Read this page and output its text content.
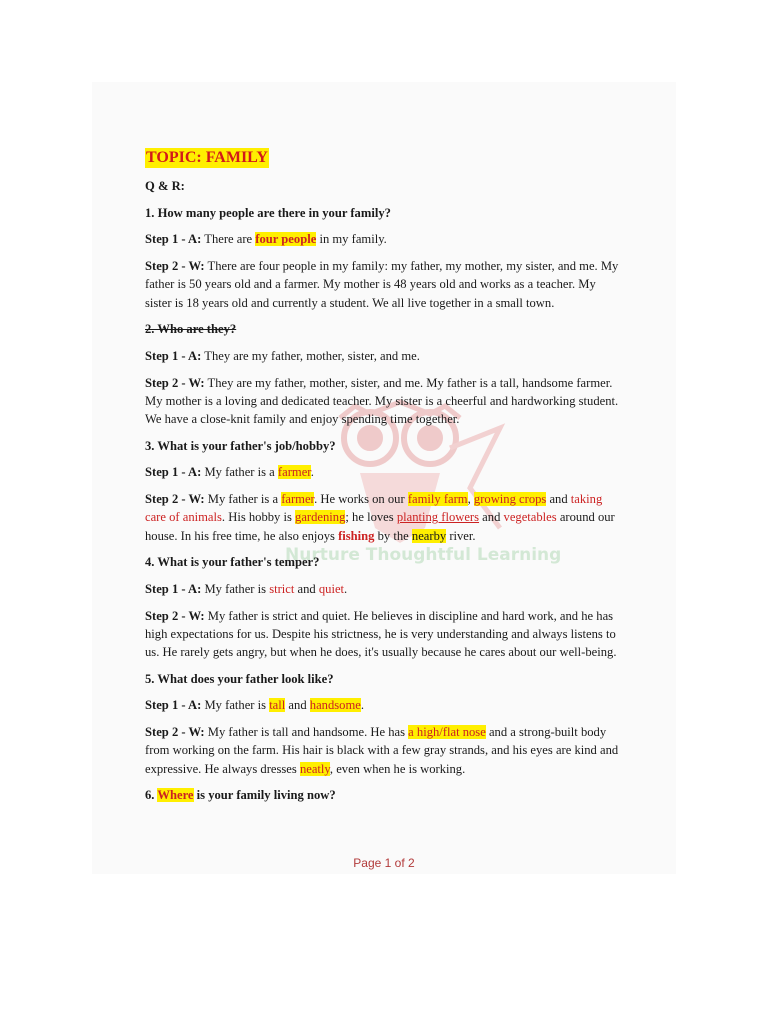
Nurture Thoughtful Learning
TOPIC: FAMILY

Q & R:

1. How many people are there in your family?

Step 1 - A: There are four people in my family.

Step 2 - W: There are four people in my family: my father, my mother, my sister, and me. My father is 50 years old and a farmer. My mother is 48 years old and works as a teacher. My sister is 18 years old and currently a student. We all live together in a small town.

2. Who are they?

Step 1 - A: They are my father, mother, sister, and me.

Step 2 - W: They are my father, mother, sister, and me. My father is a tall, handsome farmer. My mother is a loving and dedicated teacher. My sister is a cheerful and hardworking student. We have a close-knit family and enjoy spending time together.

3. What is your father's job/hobby?

Step 1 - A: My father is a farmer.

Step 2 - W: My father is a farmer. He works on our family farm, growing crops and taking care of animals. His hobby is gardening; he loves planting flowers and vegetables around our house. In his free time, he also enjoys fishing by the nearby river.

4. What is your father's temper?

Step 1 - A: My father is strict and quiet.

Step 2 - W: My father is strict and quiet. He believes in discipline and hard work, and he has high expectations for us. Despite his strictness, he is very understanding and always listens to us. He rarely gets angry, but when he does, it's usually because he cares about our well-being.

5. What does your father look like?

Step 1 - A: My father is tall and handsome.

Step 2 - W: My father is tall and handsome. He has a high/flat nose and a strong-built body from working on the farm. His hair is black with a few gray strands, and his eyes are kind and expressive. He always dresses neatly, even when he is working.

6. Where is your family living now?

Page 1 of 2
